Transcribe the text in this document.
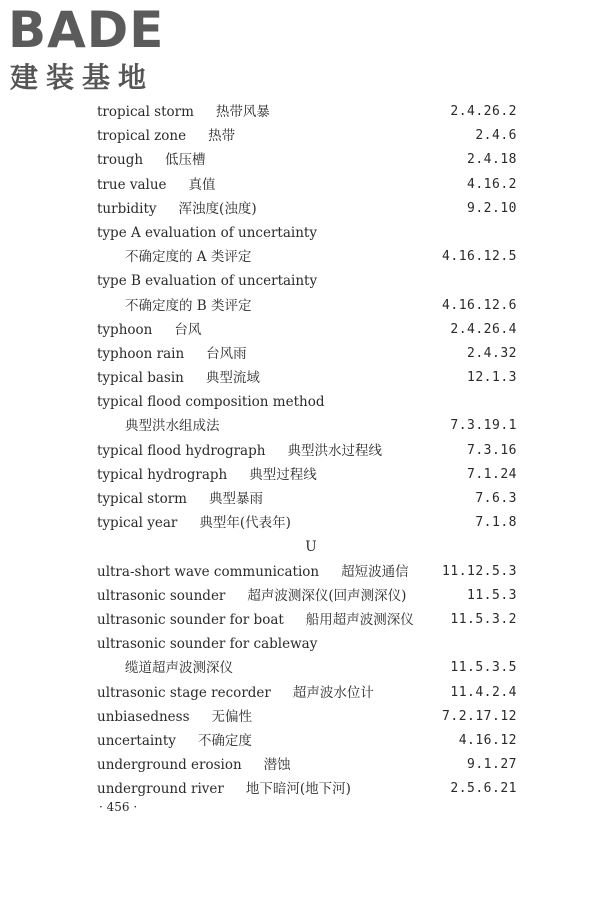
BADE
建装基地
tropical storm 热带风暴	2.4.26.2
tropical zone 热带	2.4.6
trough 低压槽	2.4.18
true value 真值	4.16.2
turbidity 浑浊度(浊度)	9.2.10
type A evaluation of uncertainty
不确定度的 A 类评定	4.16.12.5
type B evaluation of uncertainty
不确定度的 B 类评定	4.16.12.6
typhoon 台风	2.4.26.4
typhoon rain 台风雨	2.4.32
typical basin 典型流域	12.1.3
typical flood composition method
典型洪水组成法	7.3.19.1
typical flood hydrograph 典型洪水过程线	7.3.16
typical hydrograph 典型过程线	7.1.24
typical storm 典型暴雨	7.6.3
typical year 典型年(代表年)	7.1.8
U
ultra-short wave communication 超短波通信	11.12.5.3
ultrasonic sounder 超声波测深仪(回声测深仪)	11.5.3
ultrasonic sounder for boat 船用超声波测深仪	11.5.3.2
ultrasonic sounder for cableway
缆道超声波测深仪	11.5.3.5
ultrasonic stage recorder 超声波水位计	11.4.2.4
unbiasedness 无偏性	7.2.17.12
uncertainty 不确定度	4.16.12
underground erosion 潜蚀	9.1.27
underground river 地下暗河(地下河)	2.5.6.21
· 456 ·
